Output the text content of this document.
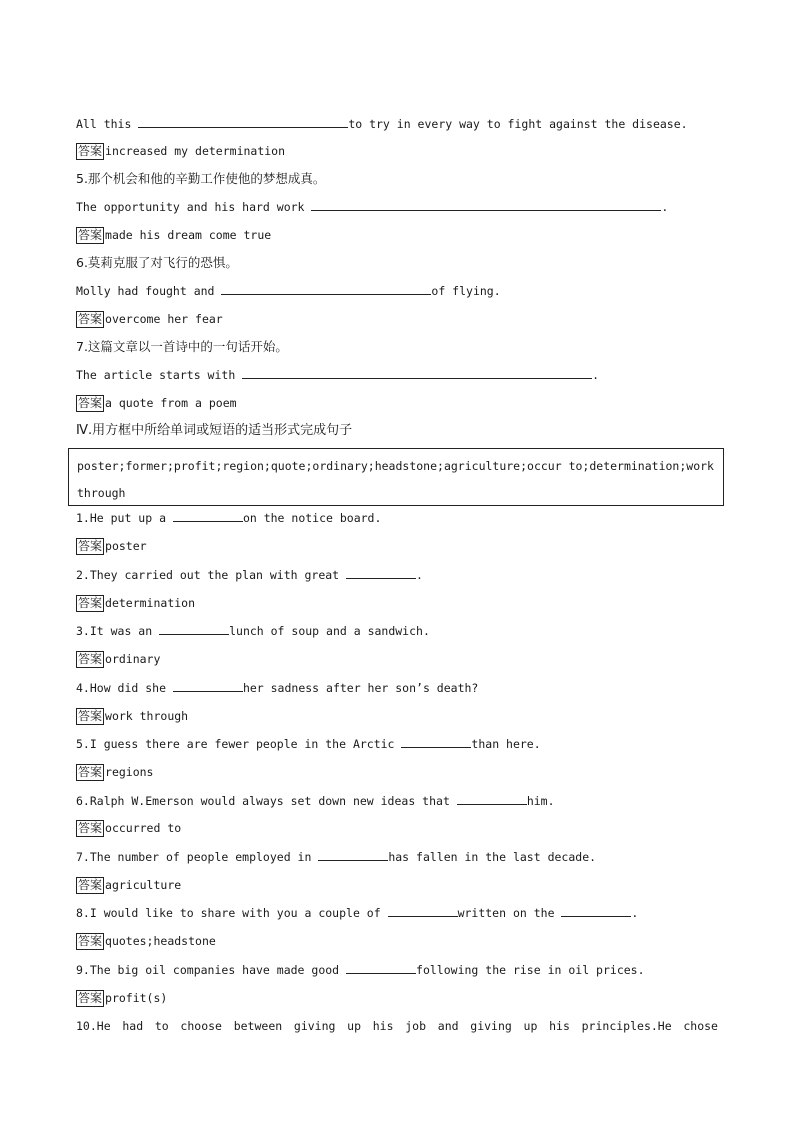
All this	to try in every way to fight against the disease.
答案 increased my determination
5.那个机会和他的辛勤工作使他的梦想成真。
The opportunity and his hard work	.
答案 made his dream come true
6.莫莉克服了对飞行的恐惧。
Molly had fought and	of flying.
答案 overcome her fear
7.这篇文章以一首诗中的一句话开始。
The article starts with	.
答案 a quote from a poem
Ⅳ.用方框中所给单词或短语的适当形式完成句子
poster;former;profit;region;quote;ordinary;headstone;agriculture;occur to;determination;work through
1.He put up a	on the notice board.
答案 poster
2.They carried out the plan with great	.
答案 determination
3.It was an	lunch of soup and a sandwich.
答案 ordinary
4.How did she	her sadness after her son’s death?
答案 work through
5.I guess there are fewer people in the Arctic	than here.
答案 regions
6.Ralph W.Emerson would always set down new ideas that	him.
答案 occurred to
7.The number of people employed in	has fallen in the last decade.
答案 agriculture
8.I would like to share with you a couple of	written on the	.
答案 quotes;headstone
9.The big oil companies have made good	following the rise in oil prices.
答案 profit(s)
10.He had to choose between giving up his job and giving up his principles.He chose
